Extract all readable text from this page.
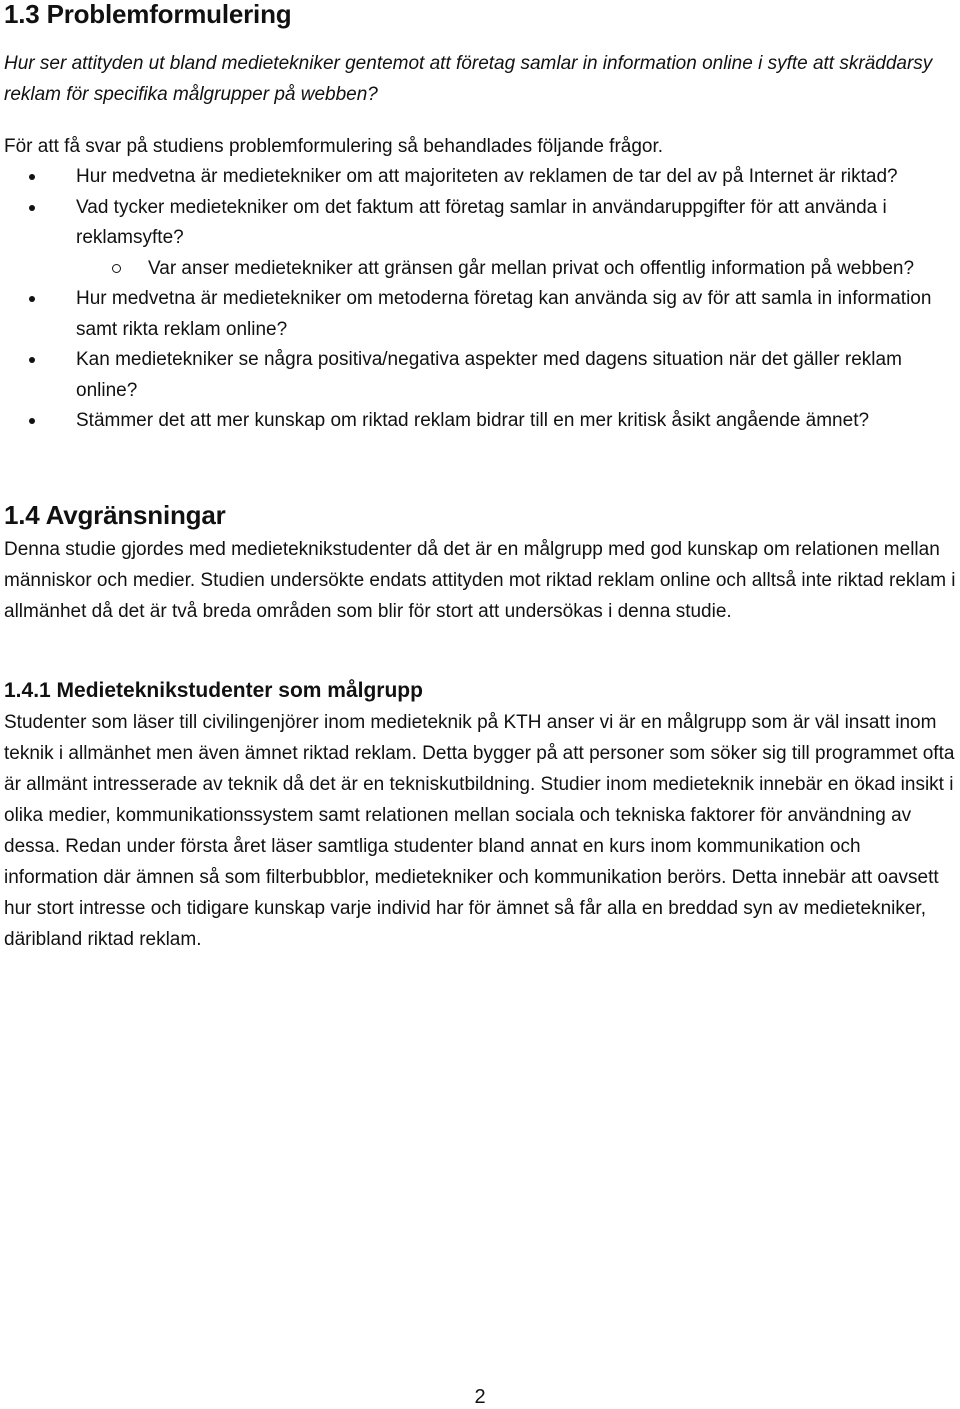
1.3 Problemformulering

Hur ser attityden ut bland medietekniker gentemot att företag samlar in information online i syfte att skräddarsy reklam för specifika målgrupper på webben?

För att få svar på studiens problemformulering så behandlades följande frågor.

Hur medvetna är medietekniker om att majoriteten av reklamen de tar del av på Internet är riktad?
Vad tycker medietekniker om det faktum att företag samlar in användaruppgifter för att använda i reklamsyfte?
Var anser medietekniker att gränsen går mellan privat och offentlig information på webben?
Hur medvetna är medietekniker om metoderna företag kan använda sig av för att samla in information samt rikta reklam online?
Kan medietekniker se några positiva/negativa aspekter med dagens situation när det gäller reklam online?
Stämmer det att mer kunskap om riktad reklam bidrar till en mer kritisk åsikt angående ämnet?
1.4 Avgränsningar

Denna studie gjordes med medieteknikstudenter då det är en målgrupp med god kunskap om relationen mellan människor och medier. Studien undersökte endats attityden mot riktad reklam online och alltså inte riktad reklam i allmänhet då det är två breda områden som blir för stort att undersökas i denna studie.

1.4.1 Medieteknikstudenter som målgrupp

Studenter som läser till civilingenjörer inom medieteknik på KTH anser vi är en målgrupp som är väl insatt inom teknik i allmänhet men även ämnet riktad reklam. Detta bygger på att personer som söker sig till programmet ofta är allmänt intresserade av teknik då det är en tekniskutbildning. Studier inom medieteknik innebär en ökad insikt i olika medier, kommunikationssystem samt relationen mellan sociala och tekniska faktorer för användning av dessa. Redan under första året läser samtliga studenter bland annat en kurs inom kommunikation och information där ämnen så som filterbubblor, medietekniker och kommunikation berörs. Detta innebär att oavsett hur stort intresse och tidigare kunskap varje individ har för ämnet så får alla en breddad syn av medietekniker, däribland riktad reklam.

2
